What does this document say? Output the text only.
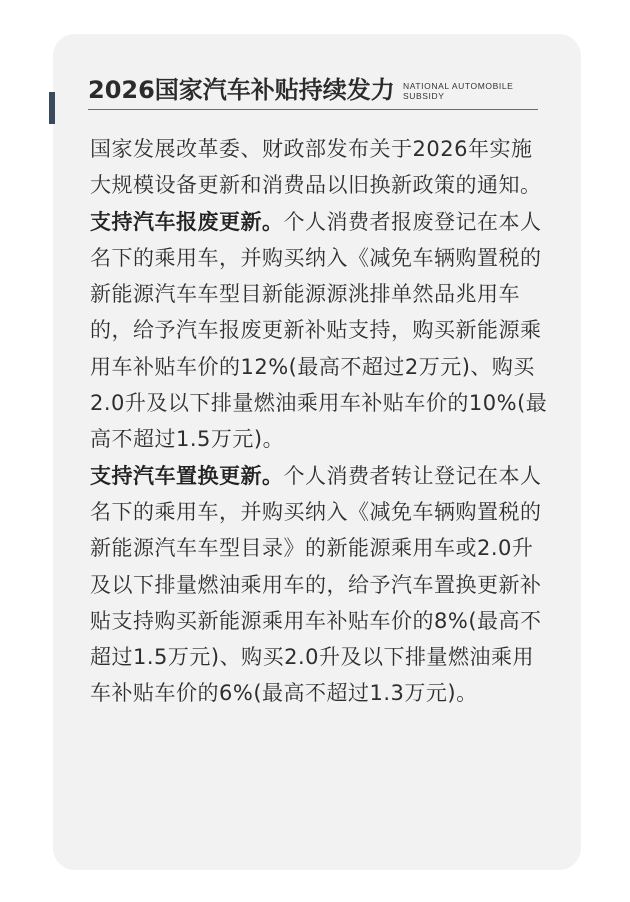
2026国家汽车补贴持续发力 NATIONAL AUTOMOBILE SUBSIDY

国家发展改革委、财政部发布关于2026年实施大规模设备更新和消费品以旧换新政策的通知。

支持汽车报废更新。个人消费者报废登记在本人名下的乘用车，并购买纳入《减免车辆购置税的新能源汽车车型目新能源源洮排单然品兆用车的，给予汽车报废更新补贴支持，购买新能源乘用车补贴车价的12%(最高不超过2万元)、购买2.0升及以下排量燃油乘用车补贴车价的10%(最高不超过1.5万元)。

支持汽车置换更新。个人消费者转让登记在本人名下的乘用车，并购买纳入《减免车辆购置税的新能源汽车车型目录》的新能源乘用车或2.0升及以下排量燃油乘用车的，给予汽车置换更新补贴支持购买新能源乘用车补贴车价的8%(最高不超过1.5万元)、购买2.0升及以下排量燃油乘用车补贴车价的6%(最高不超过1.3万元)。
